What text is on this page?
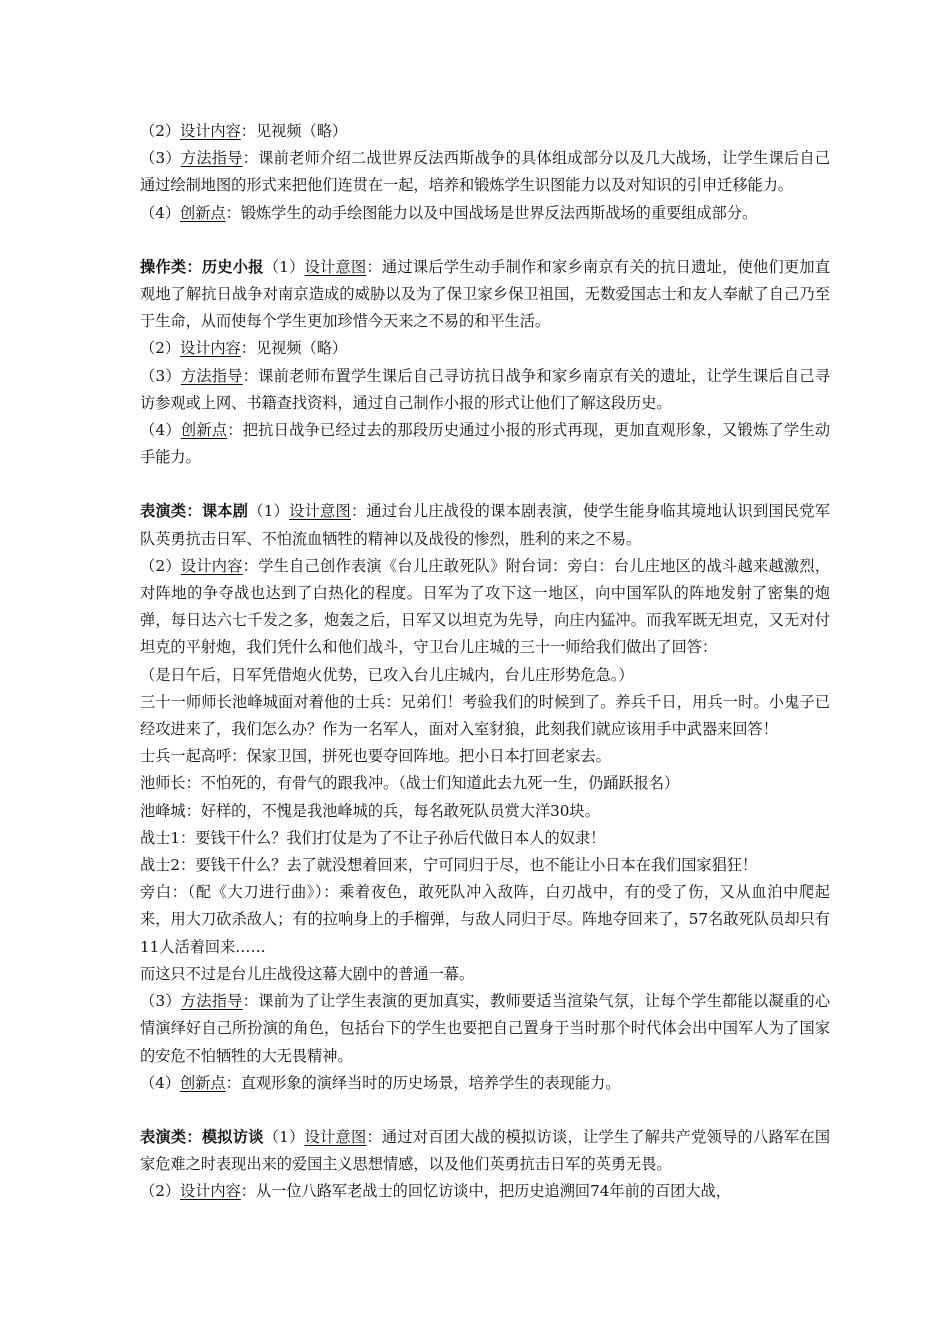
（2）设计内容：见视频（略）

（3）方法指导：课前老师介绍二战世界反法西斯战争的具体组成部分以及几大战场，让学生课后自己通过绘制地图的形式来把他们连贯在一起，培养和锻炼学生识图能力以及对知识的引申迁移能力。

（4）创新点：锻炼学生的动手绘图能力以及中国战场是世界反法西斯战场的重要组成部分。

操作类：历史小报（1）设计意图：通过课后学生动手制作和家乡南京有关的抗日遗址，使他们更加直观地了解抗日战争对南京造成的威胁以及为了保卫家乡保卫祖国，无数爱国志士和友人奉献了自己乃至于生命，从而使每个学生更加珍惜今天来之不易的和平生活。

（2）设计内容：见视频（略）

（3）方法指导：课前老师布置学生课后自己寻访抗日战争和家乡南京有关的遗址，让学生课后自己寻访参观或上网、书籍查找资料，通过自己制作小报的形式让他们了解这段历史。

（4）创新点：把抗日战争已经过去的那段历史通过小报的形式再现，更加直观形象，又锻炼了学生动手能力。

表演类：课本剧（1）设计意图：通过台儿庄战役的课本剧表演，使学生能身临其境地认识到国民党军队英勇抗击日军、不怕流血牺牲的精神以及战役的惨烈，胜利的来之不易。

（2）设计内容：学生自己创作表演《台儿庄敢死队》附台词：旁白：台儿庄地区的战斗越来越激烈，对阵地的争夺战也达到了白热化的程度。日军为了攻下这一地区，向中国军队的阵地发射了密集的炮弹，每日达六七千发之多，炮轰之后，日军又以坦克为先导，向庄内猛冲。而我军既无坦克，又无对付坦克的平射炮，我们凭什么和他们战斗，守卫台儿庄城的三十一师给我们做出了回答：

（是日午后，日军凭借炮火优势，已攻入台儿庄城内，台儿庄形势危急。）

三十一师师长池峰城面对着他的士兵：兄弟们！考验我们的时候到了。养兵千日，用兵一时。小鬼子已经攻进来了，我们怎么办？作为一名军人，面对入室豺狼，此刻我们就应该用手中武器来回答！

士兵一起高呼：保家卫国，拼死也要夺回阵地。把小日本打回老家去。

池师长：不怕死的，有骨气的跟我冲。（战士们知道此去九死一生，仍踊跃报名）

池峰城：好样的，不愧是我池峰城的兵，每名敢死队员赏大洋30块。

战士1：要钱干什么？我们打仗是为了不让子孙后代做日本人的奴隶！

战士2：要钱干什么？去了就没想着回来，宁可同归于尽，也不能让小日本在我们国家猖狂！

旁白：（配《大刀进行曲》）：乘着夜色，敢死队冲入敌阵，白刃战中，有的受了伤，又从血泊中爬起来，用大刀砍杀敌人；有的拉响身上的手榴弹，与敌人同归于尽。阵地夺回来了，57名敢死队员却只有11人活着回来……

而这只不过是台儿庄战役这幕大剧中的普通一幕。

（3）方法指导：课前为了让学生表演的更加真实，教师要适当渲染气氛，让每个学生都能以凝重的心情演绎好自己所扮演的角色，包括台下的学生也要把自己置身于当时那个时代体会出中国军人为了国家的安危不怕牺牲的大无畏精神。

（4）创新点：直观形象的演绎当时的历史场景，培养学生的表现能力。

表演类：模拟访谈（1）设计意图：通过对百团大战的模拟访谈，让学生了解共产党领导的八路军在国家危难之时表现出来的爱国主义思想情感，以及他们英勇抗击日军的英勇无畏。

（2）设计内容：从一位八路军老战士的回忆访谈中，把历史追溯回74年前的百团大战，
